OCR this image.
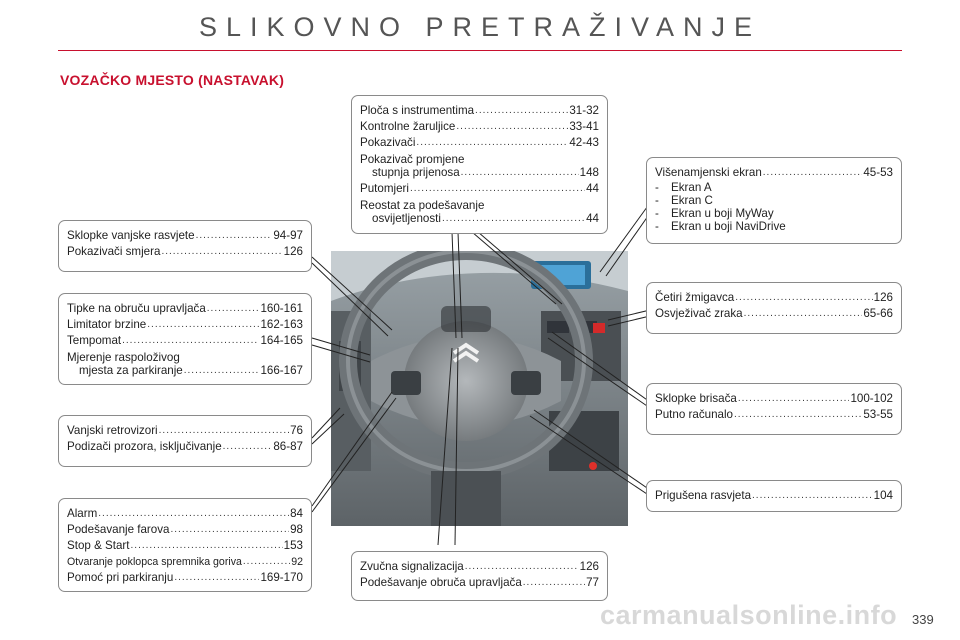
SLIKOVNO PRETRAŽIVANJE
VOZAČKO MJESTO (NASTAVAK)
Ploča s instrumentima .....	31-32
Kontrolne žaruljice .....	33-41
Pokazivači .....	42-43
Pokazivač promjene
stupnja prijenosa .....	148
Putomjeri .....	44
Reostat za podešavanje
osvijetljenosti .....	44
Višenamjenski ekran .....	45-53
- Ekran A
- Ekran C
- Ekran u boji MyWay
- Ekran u boji NaviDrive
Sklopke vanjske rasvjete .....	94-97
Pokazivači smjera .....	126
Tipke na obruču upravljača .....	160-161
Limitator brzine .....	162-163
Tempomat .....	164-165
Mjerenje raspoloživog
mjesta za parkiranje .....	166-167
Četiri žmigavca .....	126
Osvježivač zraka .....	65-66
Vanjski retrovizori .....	76
Podizači prozora, isključivanje .....	86-87
Sklopke brisača .....	100-102
Putno računalo .....	53-55
Prigušena rasvjeta .....	104
Alarm .....	84
Podešavanje farova .....	98
Stop & Start .....	153
Otvaranje poklopca spremnika goriva .....	92
Pomoć pri parkiranju .....	169-170
Zvučna signalizacija .....	126
Podešavanje obruča upravljača .....	77
carmanualsonline.info 339
